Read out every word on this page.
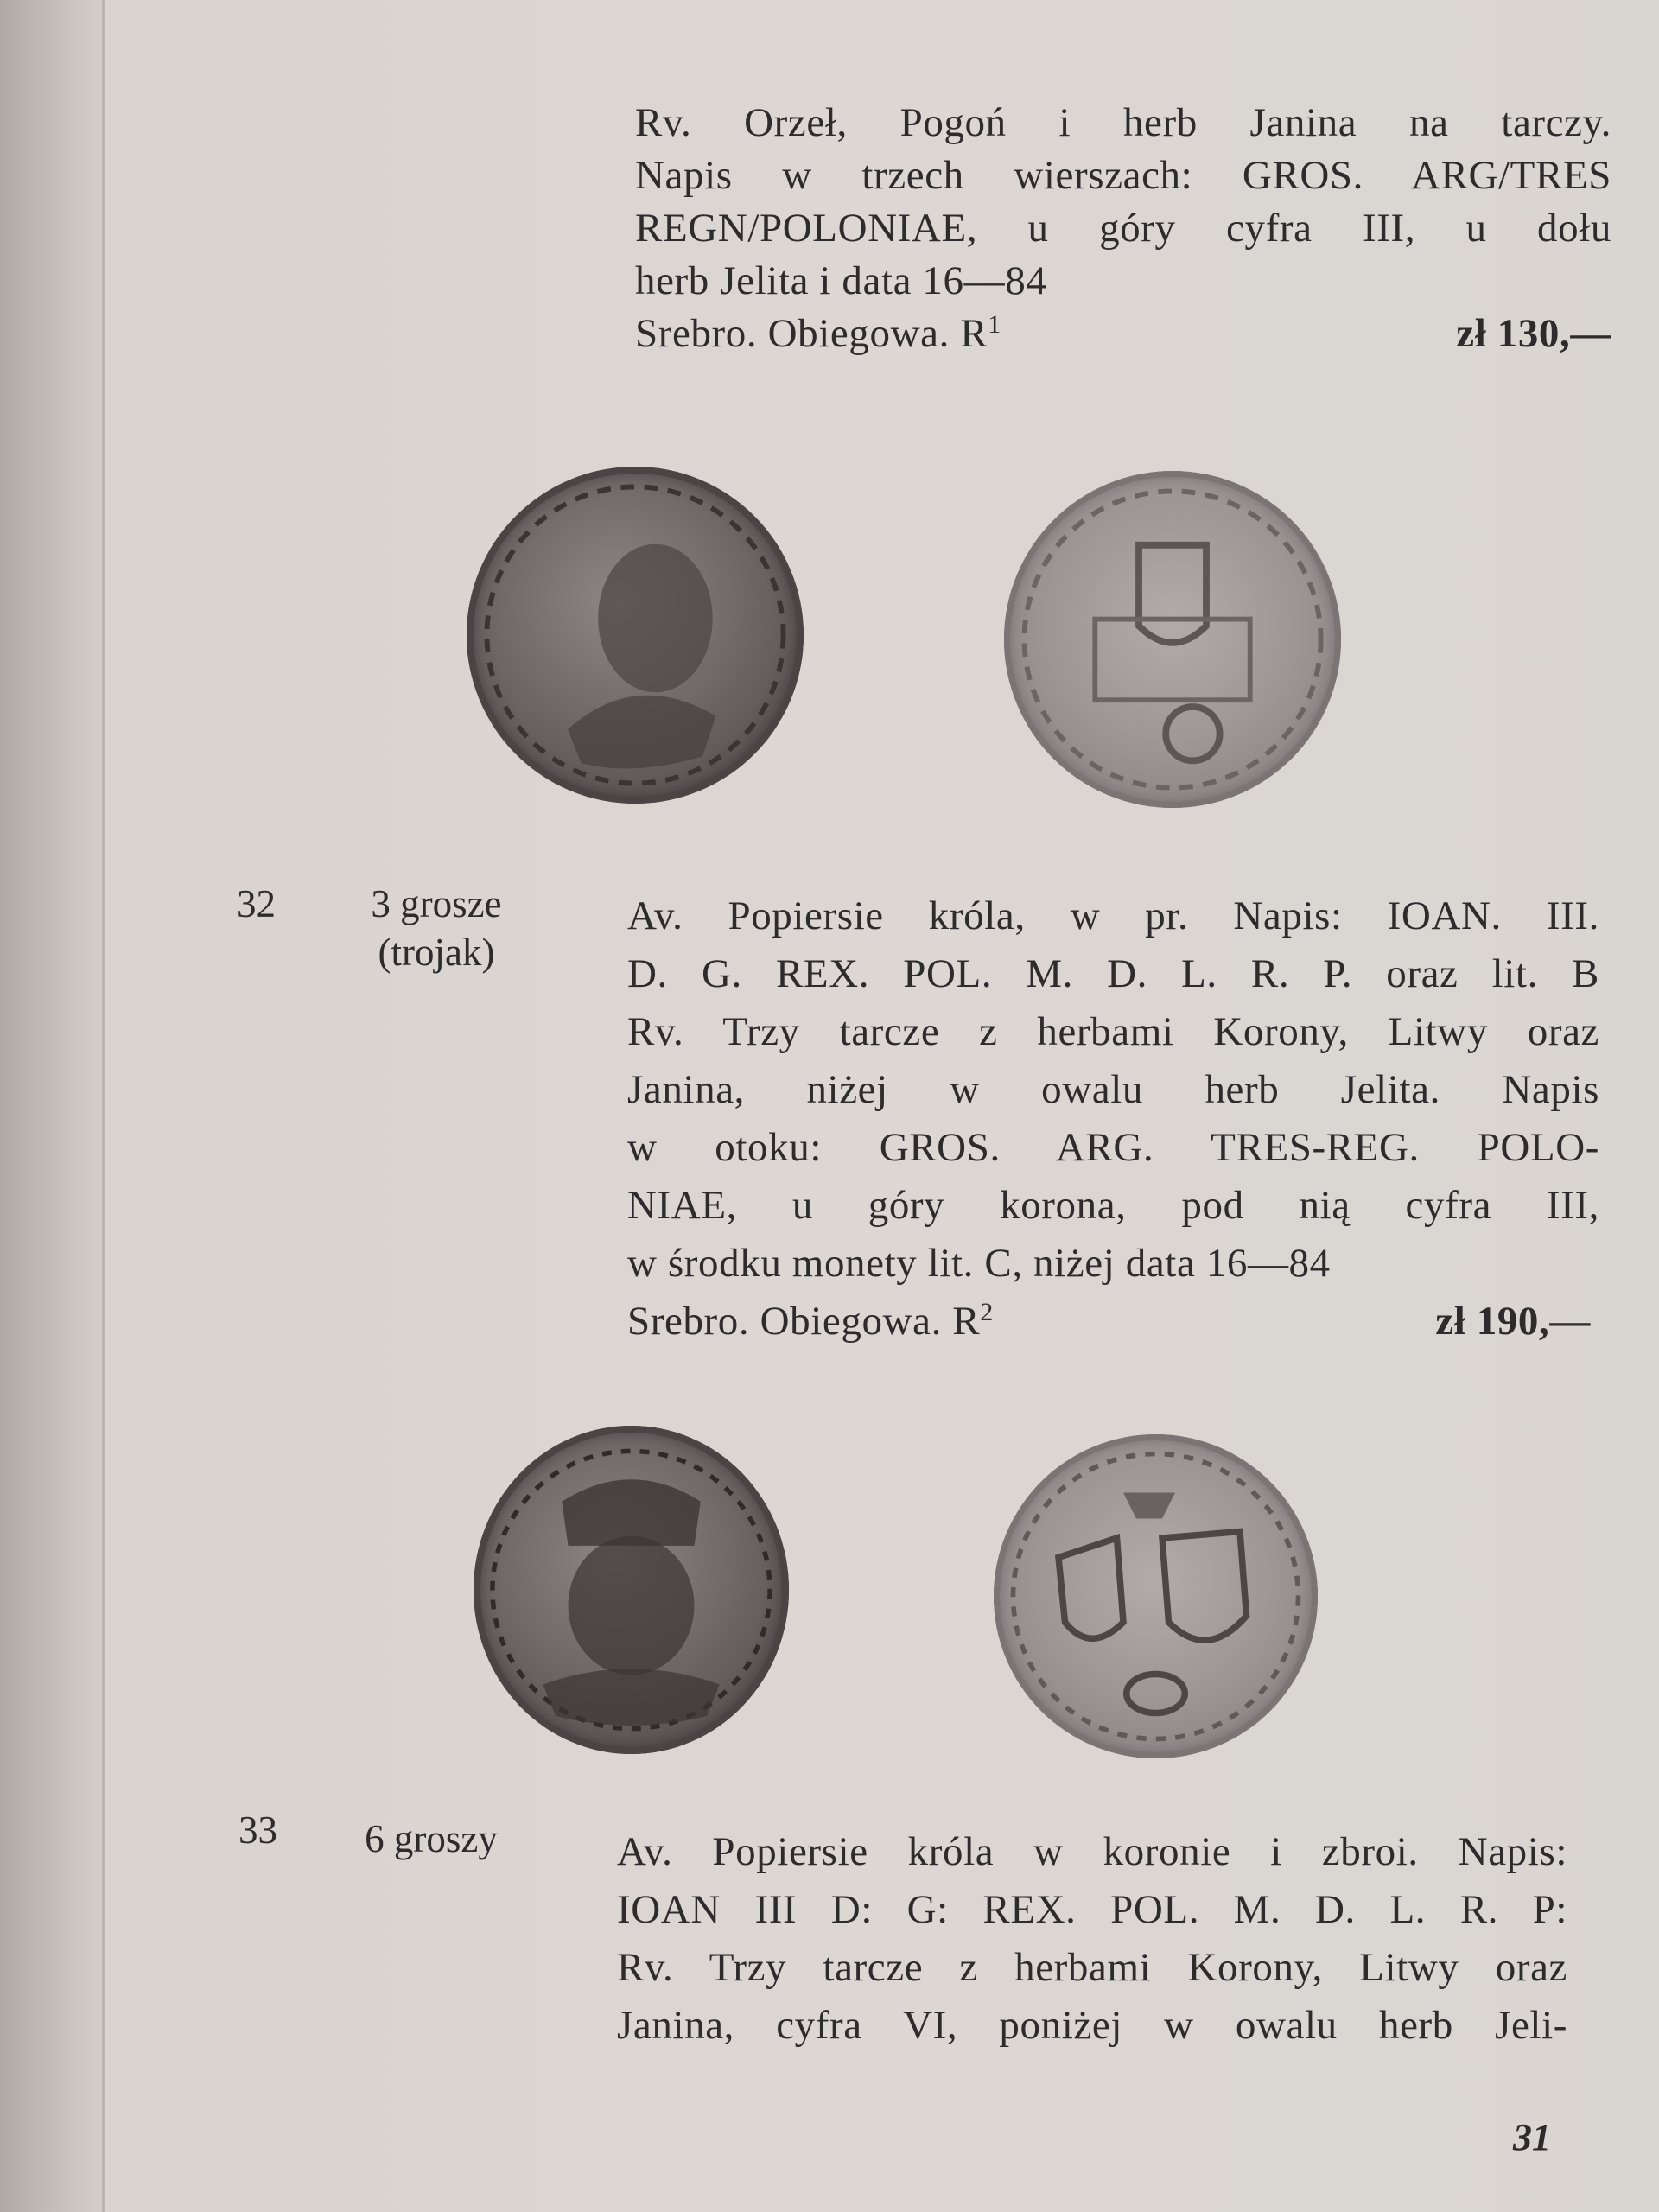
Rv. Orzeł, Pogoń i herb Janina na tarczy.
Napis w trzech wierszach: GROS. ARG/TRES
REGN/POLONIAE, u góry cyfra III, u dołu
herb Jelita i data 16—84
Srebro. Obiegowa. $R^1$	zł 130,—
32	3 grosze
(trojak)
Av. Popiersie króla, w pr. Napis: IOAN. III.
D. G. REX. POL. M. D. L. R. P. oraz lit. B
Rv. Trzy tarcze z herbami Korony, Litwy oraz
Janina, niżej w owalu herb Jelita. Napis
w otoku: GROS. ARG. TRES-REG. POLO-
NIAE, u góry korona, pod nią cyfra III,
w środku monety lit. C, niżej data 16—84
Srebro. Obiegowa. $R^2$	zł 190,—
33	6 groszy	Av. Popiersie króla w koronie i zbroi. Napis:
IOAN III D: G: REX. POL. M. D. L. R. P:
Rv. Trzy tarcze z herbami Korony, Litwy oraz
Janina, cyfra VI, poniżej w owalu herb Jeli-
31
